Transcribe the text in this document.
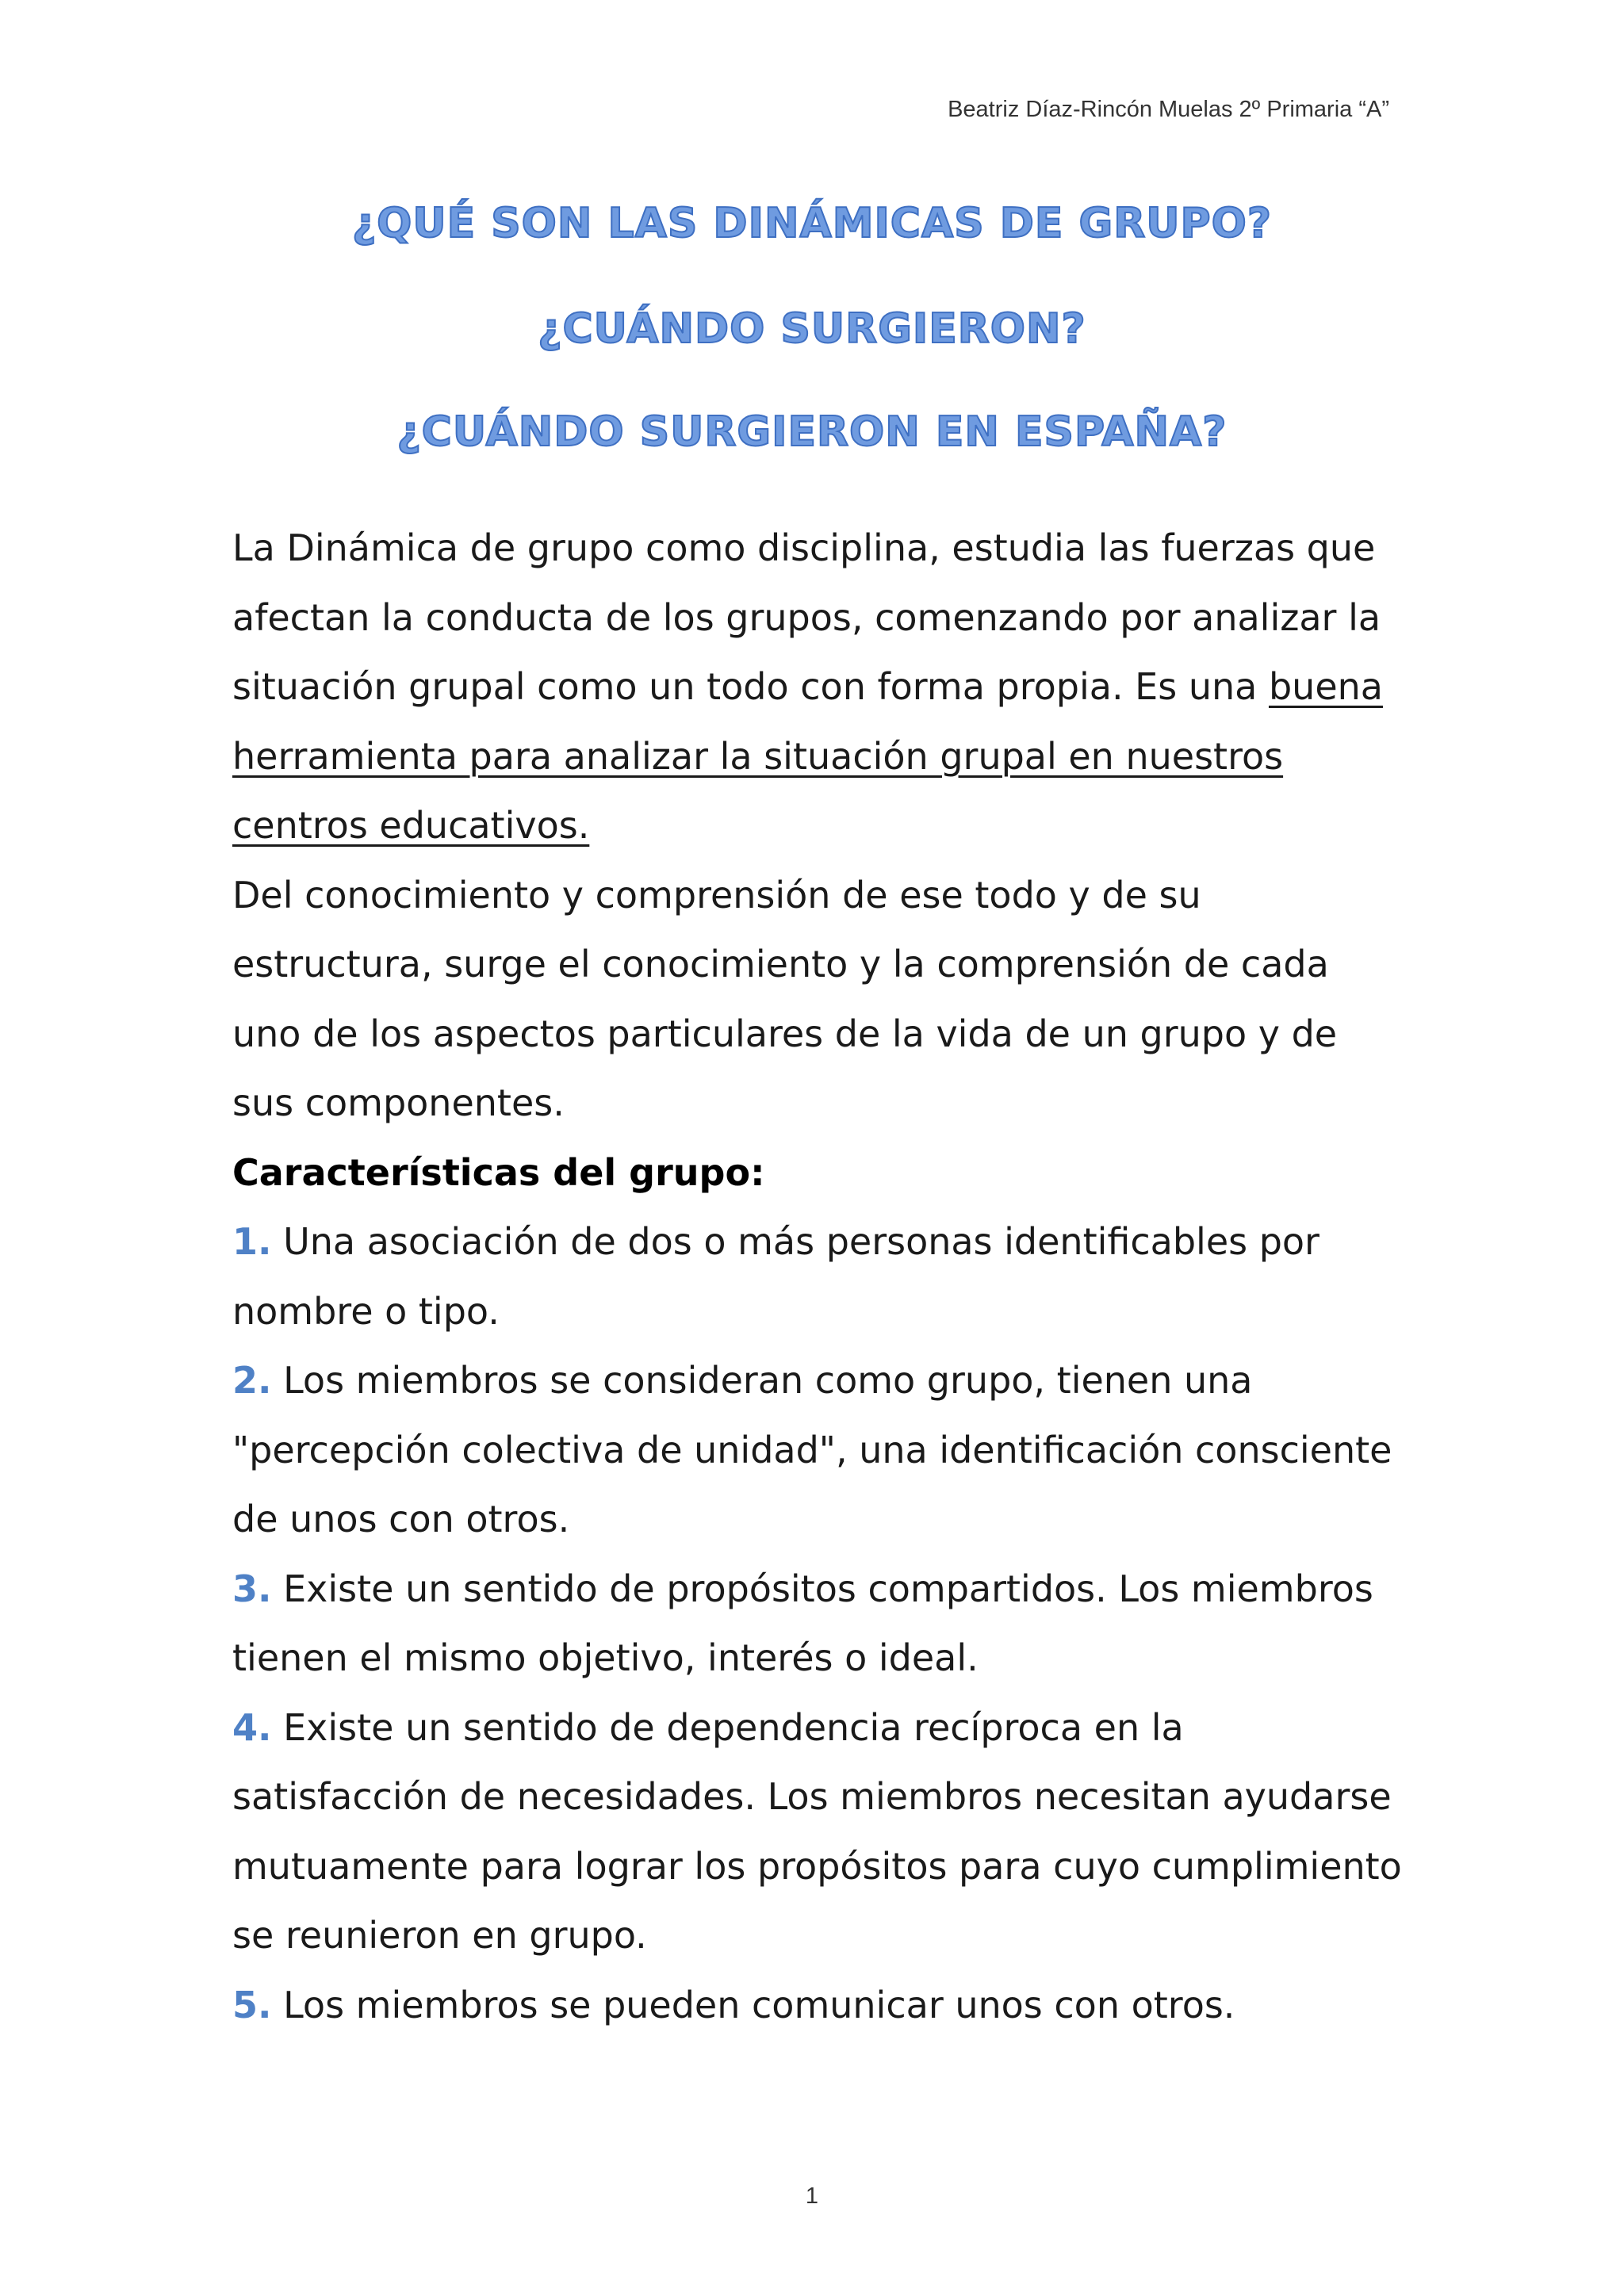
Beatriz Díaz-Rincón Muelas 2º Primaria “A”
¿QUÉ SON LAS DINÁMICAS DE GRUPO?
¿CUÁNDO SURGIERON?
¿CUÁNDO SURGIERON EN ESPAÑA?

La Dinámica de grupo como disciplina, estudia las fuerzas que afectan la conducta de los grupos, comenzando por analizar la situación grupal como un todo con forma propia. Es una buena herramienta para analizar la situación grupal en nuestros centros educativos.

Del conocimiento y comprensión de ese todo y de su estructura, surge el conocimiento y la comprensión de cada uno de los aspectos particulares de la vida de un grupo y de sus componentes.

Características del grupo:

1. Una asociación de dos o más personas identificables por nombre o tipo.

2. Los miembros se consideran como grupo, tienen una "percepción colectiva de unidad", una identificación consciente de unos con otros.

3. Existe un sentido de propósitos compartidos. Los miembros tienen el mismo objetivo, interés o ideal.

4. Existe un sentido de dependencia recíproca en la satisfacción de necesidades. Los miembros necesitan ayudarse mutuamente para lograr los propósitos para cuyo cumplimiento se reunieron en grupo.

5. Los miembros se pueden comunicar unos con otros.

1
